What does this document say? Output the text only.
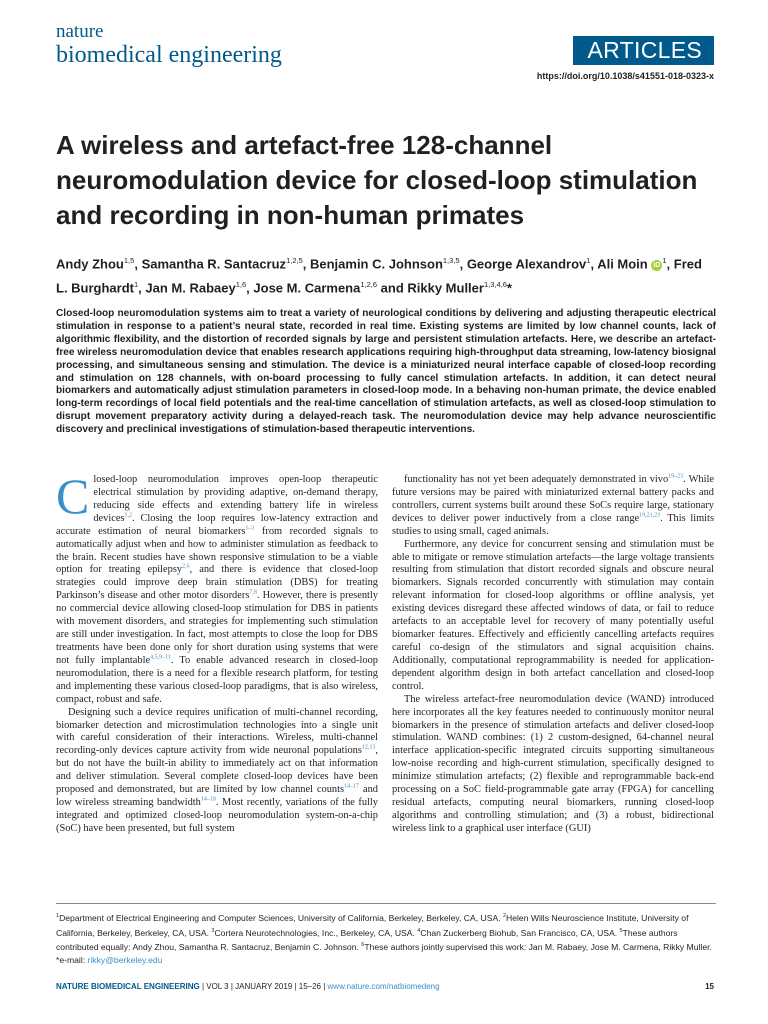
nature
biomedical engineering	ARTICLES
https://doi.org/10.1038/s41551-018-0323-x
A wireless and artefact-free 128-channel neuromodulation device for closed-loop stimulation and recording in non-human primates
Andy Zhou$^{1,5}$, Samantha R. Santacruz$^{1,2,5}$, Benjamin C. Johnson$^{1,3,5}$, George Alexandrov$^1$, Ali Moin $iD^1$, Fred L. Burghardt$^1$, Jan M. Rabaey$^{1,6}$, Jose M. Carmena$^{1,2,6}$ and Rikky Muller$^{1,3,4,6}$*

Closed-loop neuromodulation systems aim to treat a variety of neurological conditions by delivering and adjusting therapeutic electrical stimulation in response to a patient’s neural state, recorded in real time. Existing systems are limited by low channel counts, lack of algorithmic flexibility, and the distortion of recorded signals by large and persistent stimulation artefacts. Here, we describe an artefact-free wireless neuromodulation device that enables research applications requiring high-throughput data streaming, low-latency biosignal processing, and simultaneous sensing and stimulation. The device is a miniaturized neural interface capable of closed-loop recording and stimulation on 128 channels, with on-board processing to fully cancel stimulation artefacts. In addition, it can detect neural biomarkers and automatically adjust stimulation parameters in closed-loop mode. In a behaving non-human primate, the device enabled long-term recordings of local field potentials and the real-time cancellation of stimulation artefacts, as well as closed-loop stimulation to disrupt movement preparatory activity during a delayed-reach task. The neuromodulation device may help advance neuroscientific discovery and preclinical investigations of stimulation-based therapeutic interventions.

Closed-loop neuromodulation improves open-loop therapeutic electrical stimulation by providing adaptive, on-demand therapy, reducing side effects and extending battery life in wireless devices$^{1,2}$. Closing the loop requires low-latency extraction and accurate estimation of neural biomarkers$^{1-3}$ from recorded signals to automatically adjust when and how to administer stimulation as feedback to the brain. Recent studies have shown responsive stimulation to be a viable option for treating epilepsy$^{2,6}$, and there is evidence that closed-loop strategies could improve deep brain stimulation (DBS) for treating Parkinson’s disease and other motor disorders$^{7,8}$. However, there is presently no commercial device allowing closed-loop stimulation for DBS in patients with movement disorders, and strategies for implementing such stimulation are still under investigation. In fact, most attempts to close the loop for DBS treatments have been done only for short duration using systems that were not fully implantable$^{4,5,9-11}$. To enable advanced research in closed-loop neuromodulation, there is a need for a flexible research platform, for testing and implementing these various closed-loop paradigms, that is also wireless, compact, robust and safe.

Designing such a device requires unification of multi-channel recording, biomarker detection and microstimulation technologies into a single unit with careful consideration of their interactions. Wireless, multi-channel recording-only devices capture activity from wide neuronal populations$^{12,13}$, but do not have the built-in ability to immediately act on that information and deliver stimulation. Several complete closed-loop devices have been proposed and demonstrated, but are limited by low channel counts$^{14-17}$ and low wireless streaming bandwidth$^{14-18}$. Most recently, variations of the fully integrated and optimized closed-loop neuromodulation system-on-a-chip (SoC) have been presented, but full system

functionality has not yet been adequately demonstrated in vivo$^{19-23}$. While future versions may be paired with miniaturized external battery packs and controllers, current systems built around these SoCs require large, stationary devices to deliver power inductively from a close range$^{19,21,23}$. This limits studies to using small, caged animals.

Furthermore, any device for concurrent sensing and stimulation must be able to mitigate or remove stimulation artefacts—the large voltage transients resulting from stimulation that distort recorded signals and obscure neural biomarkers. Signals recorded concurrently with stimulation may contain relevant information for closed-loop algorithms or offline analysis, yet existing devices disregard these affected windows of data, or fail to reduce artefacts to an acceptable level for recovery of many potentially useful biomarker features. Effectively and efficiently cancelling artefacts requires careful co-design of the stimulators and signal acquisition chains. Additionally, computational reprogrammability is needed for application-dependent algorithm design in both artefact cancellation and closed-loop control.

The wireless artefact-free neuromodulation device (WAND) introduced here incorporates all the key features needed to continuously monitor neural biomarkers in the presence of stimulation artefacts and deliver closed-loop stimulation. WAND combines: (1) 2 custom-designed, 64-channel neural interface application-specific integrated circuits supporting simultaneous low-noise recording and high-current stimulation, specifically designed to minimize stimulation artefacts; (2) flexible and reprogrammable back-end processing on a SoC field-programmable gate array (FPGA) for cancelling residual artefacts, computing neural biomarkers, running closed-loop algorithms and controlling stimulation; and (3) a robust, bidirectional wireless link to a graphical user interface (GUI)

$^1$Department of Electrical Engineering and Computer Sciences, University of California, Berkeley, Berkeley, CA, USA. $^2$Helen Wills Neuroscience Institute, University of California, Berkeley, Berkeley, CA, USA. $^3$Cortera Neurotechnologies, Inc., Berkeley, CA, USA. $^4$Chan Zuckerberg Biohub, San Francisco, CA, USA. $^5$These authors contributed equally: Andy Zhou, Samantha R. Santacruz, Benjamin C. Johnson. $^6$These authors jointly supervised this work: Jan M. Rabaey, Jose M. Carmena, Rikky Muller. *e-mail: rikky@berkeley.edu
NATURE BIOMEDICAL ENGINEERING | VOL 3 | JANUARY 2019 | 15–26 | www.nature.com/natbiomedeng	15
